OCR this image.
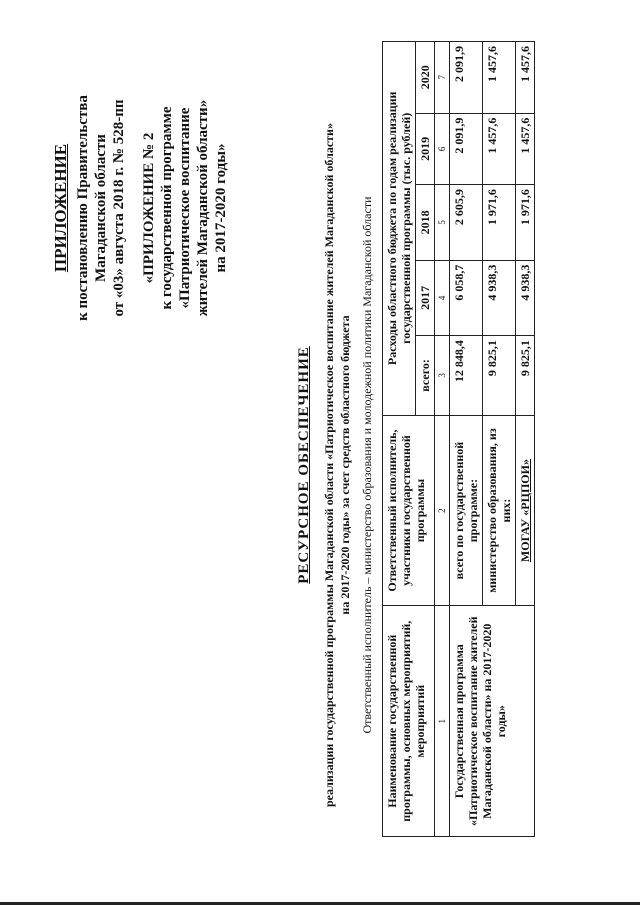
ПРИЛОЖЕНИЕ к постановлению Правительства Магаданской области от «03» августа 2018 г. № 528-пп «ПРИЛОЖЕНИЕ № 2 к государственной программе «Патриотическое воспитание жителей Магаданской области» на 2017-2020 годы»
РЕСУРСНОЕ ОБЕСПЕЧЕНИЕ реализации государственной программы Магаданской области «Патриотическое воспитание жителей Магаданской области» на 2017-2020 годы» за счет средств областного бюджета Ответственный исполнитель – министерство образования и молодежной политики Магаданской области Наименование государственной программы, основных мероприятий, мероприятий	Ответственный исполнитель, участники государственной программы	Расходы областного бюджета по годам реализации государственной программы (тыс. рублей)				
		всего:	2017	2018	2019	2020
1	2	3	4	5	6	7
Государственная программа «Патриотическое воспитание жителей Магаданской области» на 2017-2020 годы»	всего по государственной программе:	12 848,4	6 058,7	2 605,9	2 091,9	2 091,9
	министерство образования, из них:	9 825,1	4 938,3	1 971,6	1 457,6	1 457,6
	МОГАУ «РЦПОИ»	9 825,1	4 938,3	1 971,6	1 457,6	1 457,6
